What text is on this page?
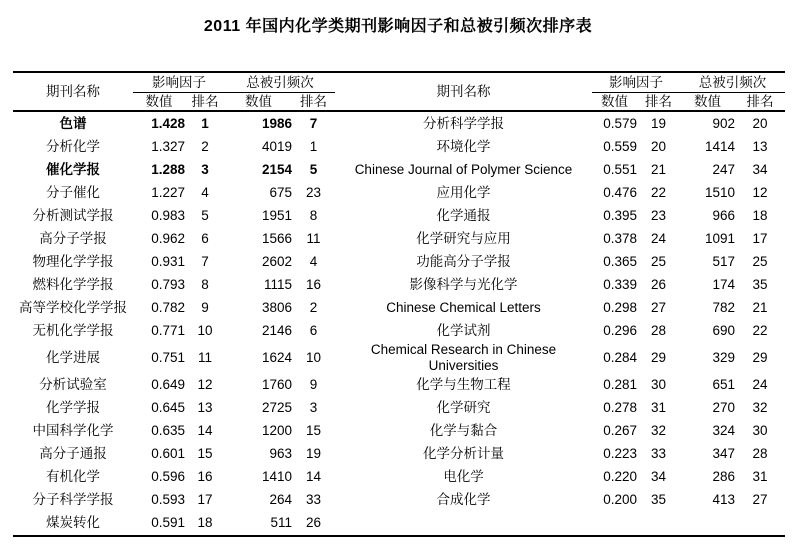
2011 年国内化学类期刊影响因子和总被引频次排序表
期刊名称	影响因子		总被引频次		期刊名称	影响因子		总被引频次	
	数值	排名	数值	排名		数值	排名	数值	排名
色谱	1.428	1	1986	7	分析科学学报	0.579	19	902	20
分析化学	1.327	2	4019	1	环境化学	0.559	20	1414	13
催化学报	1.288	3	2154	5	Chinese Journal of Polymer Science	0.551	21	247	34
分子催化	1.227	4	675	23	应用化学	0.476	22	1510	12
分析测试学报	0.983	5	1951	8	化学通报	0.395	23	966	18
高分子学报	0.962	6	1566	11	化学研究与应用	0.378	24	1091	17
物理化学学报	0.931	7	2602	4	功能高分子学报	0.365	25	517	25
燃料化学学报	0.793	8	1115	16	影像科学与光化学	0.339	26	174	35
高等学校化学学报	0.782	9	3806	2	Chinese Chemical Letters	0.298	27	782	21
无机化学学报	0.771	10	2146	6	化学试剂	0.296	28	690	22
化学进展	0.751	11	1624	10	Chemical Research in Chinese Universities	0.284	29	329	29
分析试验室	0.649	12	1760	9	化学与生物工程	0.281	30	651	24
化学学报	0.645	13	2725	3	化学研究	0.278	31	270	32
中国科学化学	0.635	14	1200	15	化学与黏合	0.267	32	324	30
高分子通报	0.601	15	963	19	化学分析计量	0.223	33	347	28
有机化学	0.596	16	1410	14	电化学	0.220	34	286	31
分子科学学报	0.593	17	264	33	合成化学	0.200	35	413	27
煤炭转化	0.591	18	511	26					
